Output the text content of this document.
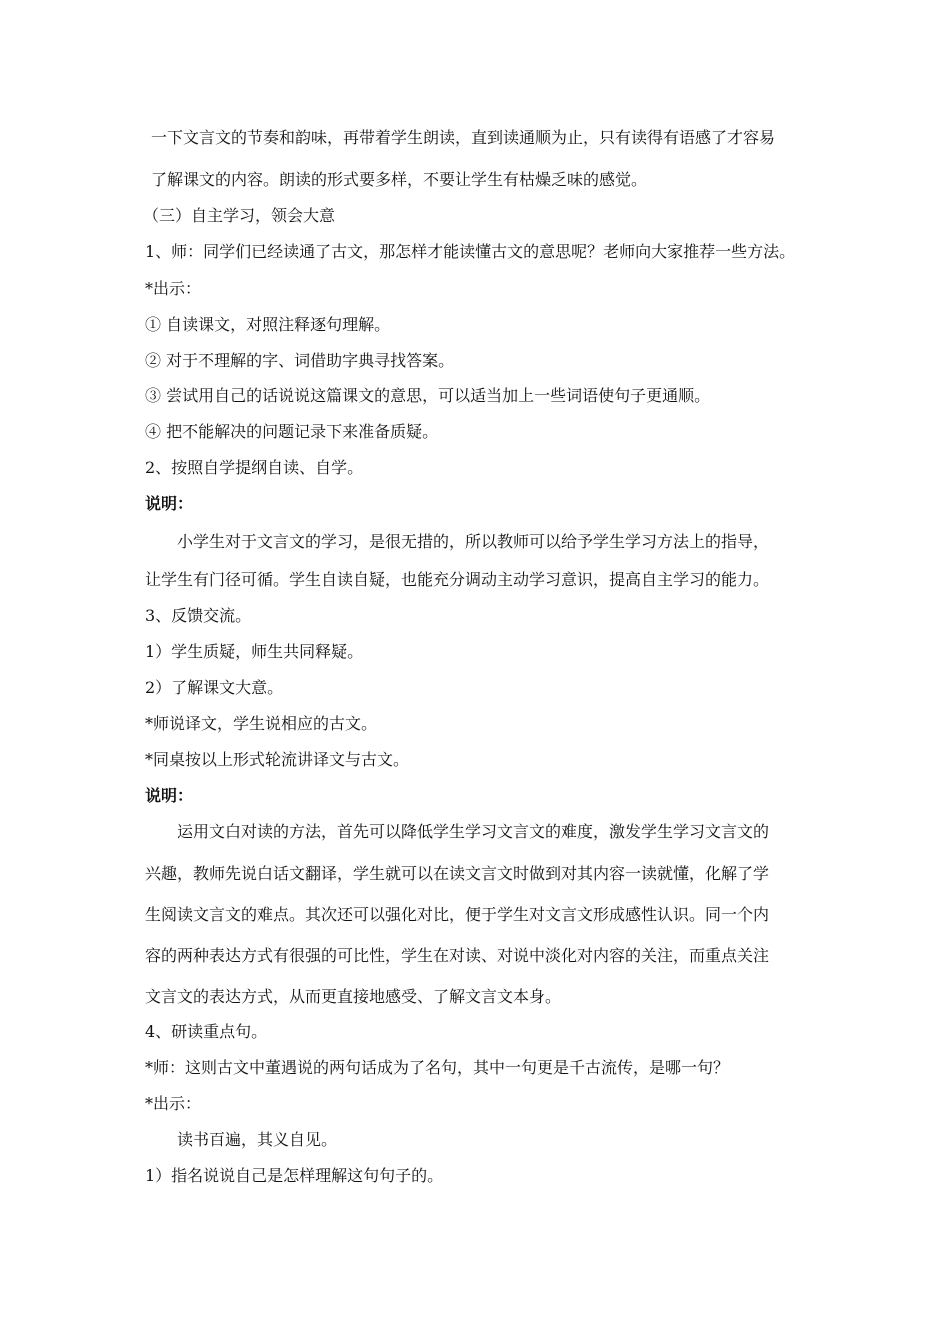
一下文言文的节奏和韵味，再带着学生朗读，直到读通顺为止，只有读得有语感了才容易
了解课文的内容。朗读的形式要多样，不要让学生有枯燥乏味的感觉。
（三）自主学习，领会大意
1、师：同学们已经读通了古文，那怎样才能读懂古文的意思呢？老师向大家推荐一些方法。
*出示：
① 自读课文，对照注释逐句理解。
② 对于不理解的字、词借助字典寻找答案。
③ 尝试用自己的话说说这篇课文的意思，可以适当加上一些词语使句子更通顺。
④ 把不能解决的问题记录下来准备质疑。
2、按照自学提纲自读、自学。
说明：
小学生对于文言文的学习，是很无措的，所以教师可以给予学生学习方法上的指导，
让学生有门径可循。学生自读自疑，也能充分调动主动学习意识，提高自主学习的能力。
3、反馈交流。
1）学生质疑，师生共同释疑。
2）了解课文大意。
*师说译文，学生说相应的古文。
*同桌按以上形式轮流讲译文与古文。
说明：
运用文白对读的方法，首先可以降低学生学习文言文的难度，激发学生学习文言文的
兴趣，教师先说白话文翻译，学生就可以在读文言文时做到对其内容一读就懂，化解了学
生阅读文言文的难点。其次还可以强化对比，便于学生对文言文形成感性认识。同一个内
容的两种表达方式有很强的可比性，学生在对读、对说中淡化对内容的关注，而重点关注
文言文的表达方式，从而更直接地感受、了解文言文本身。
4、研读重点句。
*师：这则古文中董遇说的两句话成为了名句，其中一句更是千古流传，是哪一句？
*出示：
读书百遍，其义自见。
1）指名说说自己是怎样理解这句句子的。
